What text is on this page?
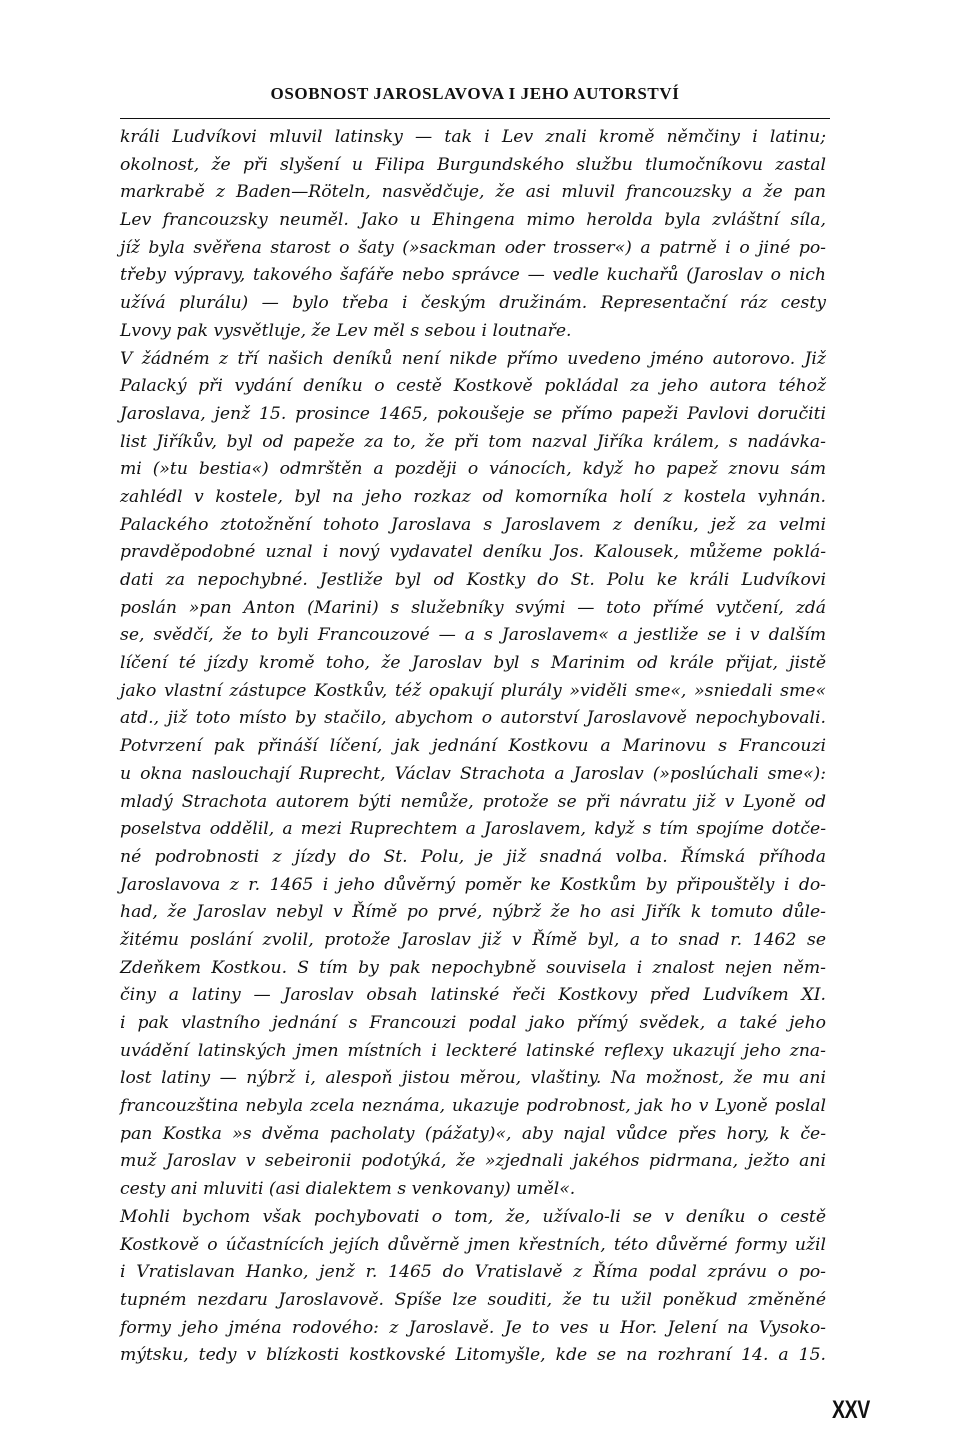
OSOBNOST JAROSLAVOVA I JEHO AUTORSTVÍ
králi Ludvíkovi mluvil latinsky — tak i Lev znali kromě němčiny i latinu;
okolnost, že při slyšení u Filipa Burgundského službu tlumočníkovu zastal
markrabě z Baden—Röteln, nasvědčuje, že asi mluvil francouzsky a že pan
Lev francouzsky neuměl. Jako u Ehingena mimo herolda byla zvláštní síla,
jíž byla svěřena starost o šaty (»sackman oder trosser«) a patrně i o jiné po-
třeby výpravy, takového šafáře nebo správce — vedle kuchařů (Jaroslav o nich
užívá plurálu) — bylo třeba i českým družinám. Representační ráz cesty
Lvovy pak vysvětluje, že Lev měl s sebou i loutnaře.
V žádném z tří našich deníků není nikde přímo uvedeno jméno autorovo. Již
Palacký při vydání deníku o cestě Kostkově pokládal za jeho autora téhož
Jaroslava, jenž 15. prosince 1465, pokoušeje se přímo papeži Pavlovi doručiti
list Jiříkův, byl od papeže za to, že při tom nazval Jiříka králem, s nadávka-
mi (»tu bestia«) odmrštěn a později o vánocích, když ho papež znovu sám
zahlédl v kostele, byl na jeho rozkaz od komorníka holí z kostela vyhnán.
Palackého ztotožnění tohoto Jaroslava s Jaroslavem z deníku, jež za velmi
pravděpodobné uznal i nový vydavatel deníku Jos. Kalousek, můžeme poklá-
dati za nepochybné. Jestliže byl od Kostky do St. Polu ke králi Ludvíkovi
poslán »pan Anton (Marini) s služebníky svými — toto přímé vytčení, zdá
se, svědčí, že to byli Francouzové — a s Jaroslavem« a jestliže se i v dalším
líčení té jízdy kromě toho, že Jaroslav byl s Marinim od krále přijat, jistě
jako vlastní zástupce Kostkův, též opakují plurály »viděli sme«, »sniedali sme«
atd., již toto místo by stačilo, abychom o autorství Jaroslavově nepochybovali.
Potvrzení pak přináší líčení, jak jednání Kostkovu a Marinovu s Francouzi
u okna naslouchají Ruprecht, Václav Strachota a Jaroslav (»poslúchali sme«):
mladý Strachota autorem býti nemůže, protože se při návratu již v Lyoně od
poselstva oddělil, a mezi Ruprechtem a Jaroslavem, když s tím spojíme dotče-
né podrobnosti z jízdy do St. Polu, je již snadná volba. Římská příhoda
Jaroslavova z r. 1465 i jeho důvěrný poměr ke Kostkům by připouštěly i do-
had, že Jaroslav nebyl v Římě po prvé, nýbrž že ho asi Jiřík k tomuto důle-
žitému poslání zvolil, protože Jaroslav již v Římě byl, a to snad r. 1462 se
Zdeňkem Kostkou. S tím by pak nepochybně souvisela i znalost nejen něm-
činy a latiny — Jaroslav obsah latinské řeči Kostkovy před Ludvíkem XI.
i pak vlastního jednání s Francouzi podal jako přímý svědek, a také jeho
uvádění latinských jmen místních i leckteré latinské reflexy ukazují jeho zna-
lost latiny — nýbrž i, alespoň jistou měrou, vlaštiny. Na možnost, že mu ani
francouzština nebyla zcela neznáma, ukazuje podrobnost, jak ho v Lyoně poslal
pan Kostka »s dvěma pacholaty (pážaty)«, aby najal vůdce přes hory, k če-
muž Jaroslav v sebeironii podotýká, že »zjednali jakéhos pidrmana, ježto ani
cesty ani mluviti (asi dialektem s venkovany) uměl«.
Mohli bychom však pochybovati o tom, že, užívalo-li se v deníku o cestě
Kostkově o účastnících jejích důvěrně jmen křestních, této důvěrné formy užil
i Vratislavan Hanko, jenž r. 1465 do Vratislavě z Říma podal zprávu o po-
tupném nezdaru Jaroslavově. Spíše lze souditi, že tu užil poněkud změněné
formy jeho jména rodového: z Jaroslavě. Je to ves u Hor. Jelení na Vysoko-
mýtsku, tedy v blízkosti kostkovské Litomyšle, kde se na rozhraní 14. a 15.
XXV
